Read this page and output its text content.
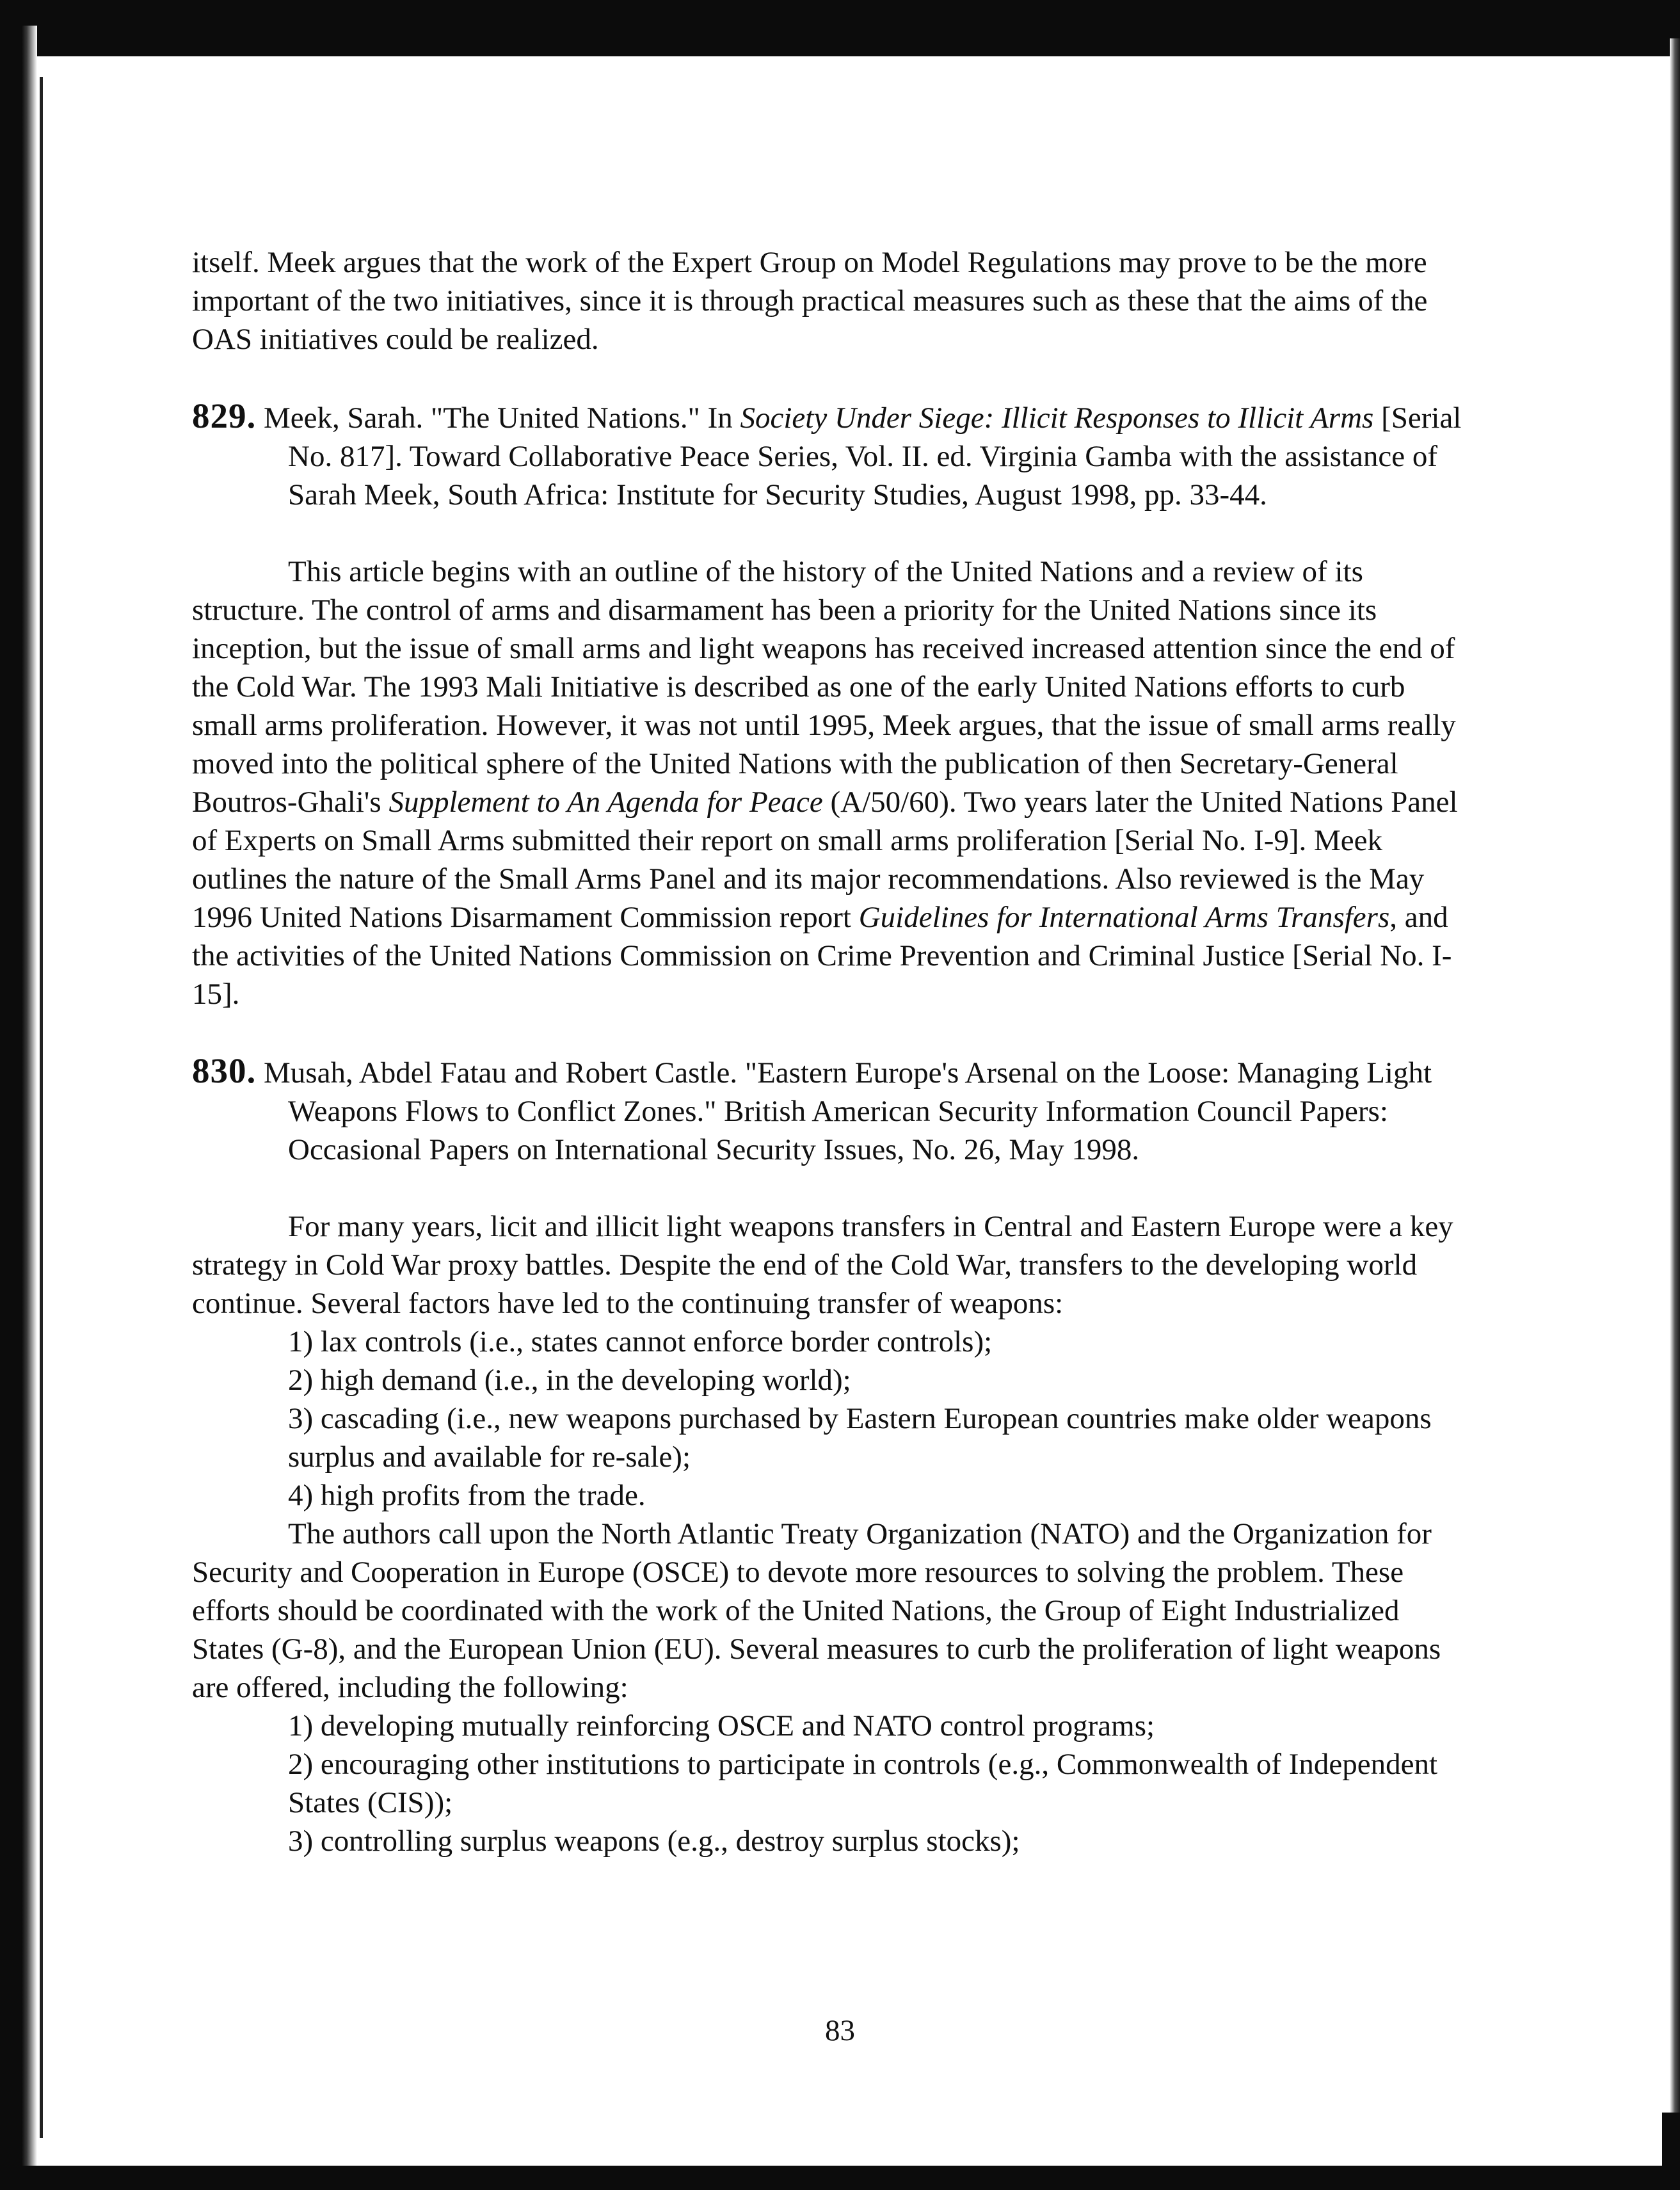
itself. Meek argues that the work of the Expert Group on Model Regulations may prove to be the more important of the two initiatives, since it is through practical measures such as these that the aims of the OAS initiatives could be realized.

829. Meek, Sarah. "The United Nations." In Society Under Siege: Illicit Responses to Illicit Arms [Serial No. 817]. Toward Collaborative Peace Series, Vol. II. ed. Virginia Gamba with the assistance of Sarah Meek, South Africa: Institute for Security Studies, August 1998, pp. 33-44.

This article begins with an outline of the history of the United Nations and a review of its structure. The control of arms and disarmament has been a priority for the United Nations since its inception, but the issue of small arms and light weapons has received increased attention since the end of the Cold War. The 1993 Mali Initiative is described as one of the early United Nations efforts to curb small arms proliferation. However, it was not until 1995, Meek argues, that the issue of small arms really moved into the political sphere of the United Nations with the publication of then Secretary-General Boutros-Ghali's Supplement to An Agenda for Peace (A/50/60). Two years later the United Nations Panel of Experts on Small Arms submitted their report on small arms proliferation [Serial No. I-9]. Meek outlines the nature of the Small Arms Panel and its major recommendations. Also reviewed is the May 1996 United Nations Disarmament Commission report Guidelines for International Arms Transfers, and the activities of the United Nations Commission on Crime Prevention and Criminal Justice [Serial No. I-15].

830. Musah, Abdel Fatau and Robert Castle. "Eastern Europe's Arsenal on the Loose: Managing Light Weapons Flows to Conflict Zones." British American Security Information Council Papers: Occasional Papers on International Security Issues, No. 26, May 1998.

For many years, licit and illicit light weapons transfers in Central and Eastern Europe were a key strategy in Cold War proxy battles. Despite the end of the Cold War, transfers to the developing world continue. Several factors have led to the continuing transfer of weapons:

1) lax controls (i.e., states cannot enforce border controls);

2) high demand (i.e., in the developing world);

3) cascading (i.e., new weapons purchased by Eastern European countries make older weapons surplus and available for re-sale);

4) high profits from the trade.

The authors call upon the North Atlantic Treaty Organization (NATO) and the Organization for Security and Cooperation in Europe (OSCE) to devote more resources to solving the problem. These efforts should be coordinated with the work of the United Nations, the Group of Eight Industrialized States (G-8), and the European Union (EU). Several measures to curb the proliferation of light weapons are offered, including the following:

1) developing mutually reinforcing OSCE and NATO control programs;

2) encouraging other institutions to participate in controls (e.g., Commonwealth of Independent States (CIS));

3) controlling surplus weapons (e.g., destroy surplus stocks);

83
